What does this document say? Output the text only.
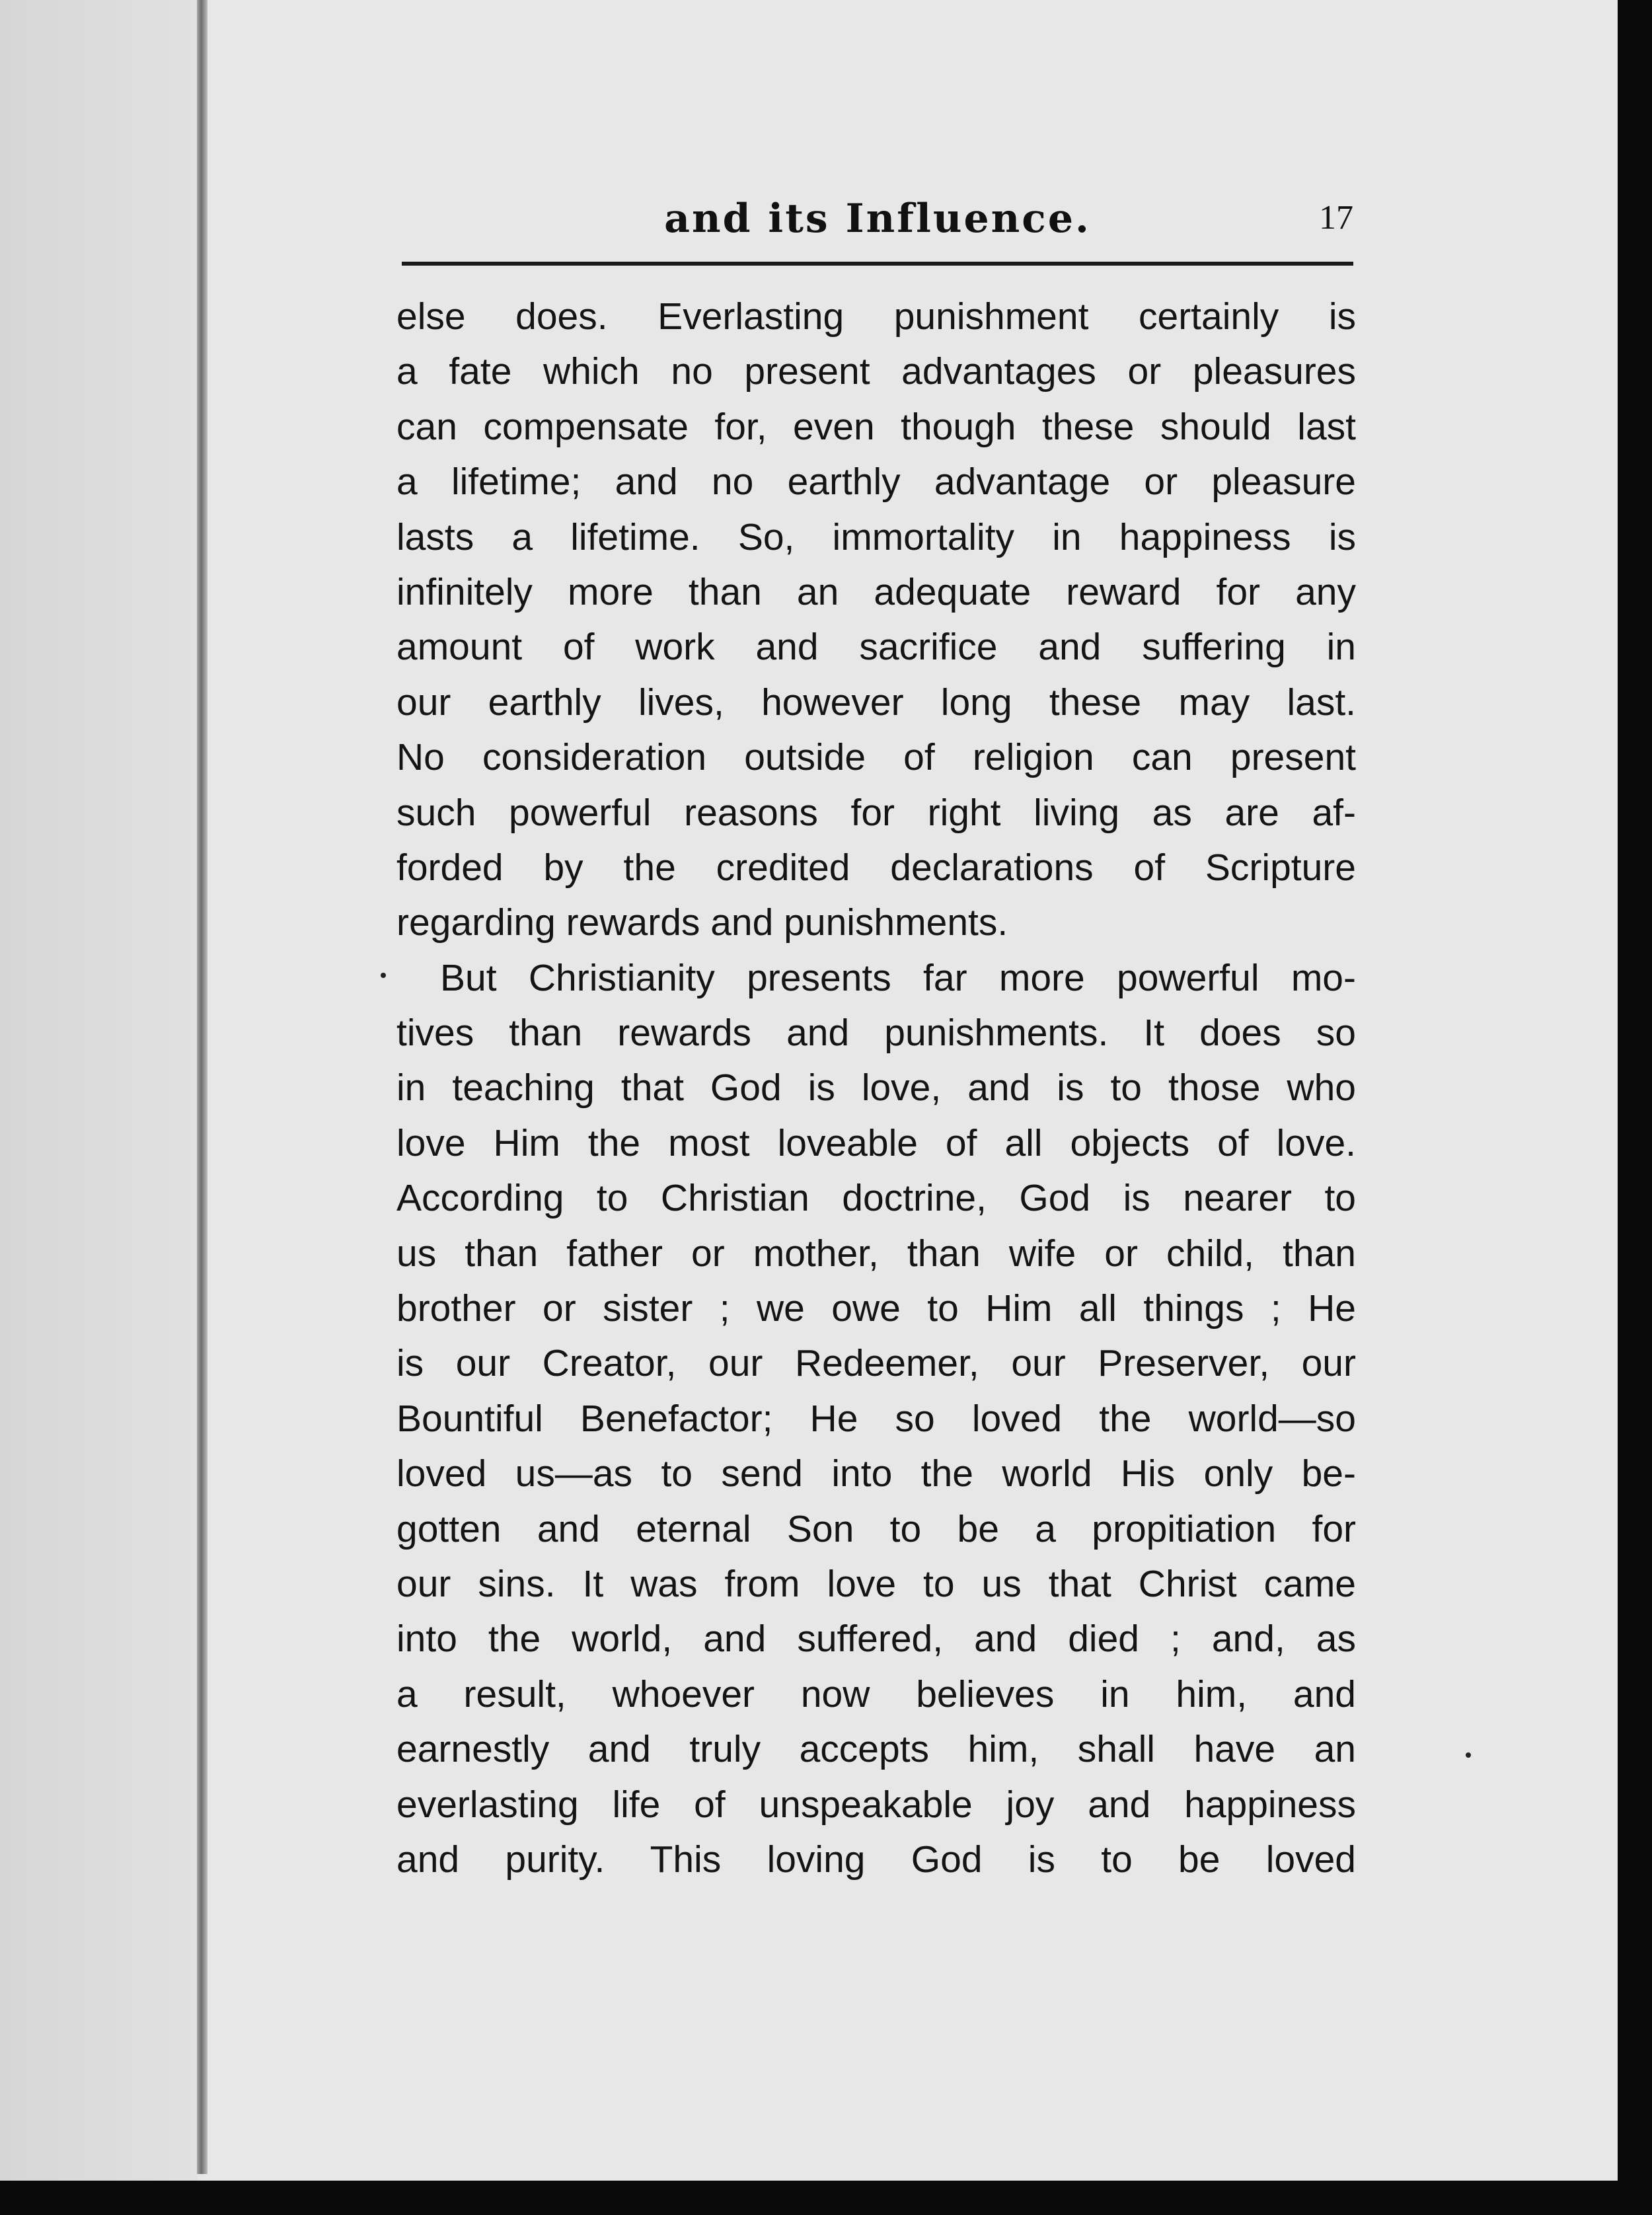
and its Influence.	17
else does. Everlasting punishment certainly is
a fate which no present advantages or pleasures
can compensate for, even though these should last
a lifetime; and no earthly advantage or pleasure
lasts a lifetime. So, immortality in happiness is
infinitely more than an adequate reward for any
amount of work and sacrifice and suffering in
our earthly lives, however long these may last.
No consideration outside of religion can present
such powerful reasons for right living as are af-
forded by the credited declarations of Scripture
regarding rewards and punishments.
But Christianity presents far more powerful mo-
tives than rewards and punishments. It does so
in teaching that God is love, and is to those who
love Him the most loveable of all objects of love.
According to Christian doctrine, God is nearer to
us than father or mother, than wife or child, than
brother or sister ; we owe to Him all things ; He
is our Creator, our Redeemer, our Preserver, our
Bountiful Benefactor; He so loved the world—so
loved us—as to send into the world His only be-
gotten and eternal Son to be a propitiation for
our sins. It was from love to us that Christ came
into the world, and suffered, and died ; and, as
a result, whoever now believes in him, and
earnestly and truly accepts him, shall have an
everlasting life of unspeakable joy and happiness
and purity. This loving God is to be loved
